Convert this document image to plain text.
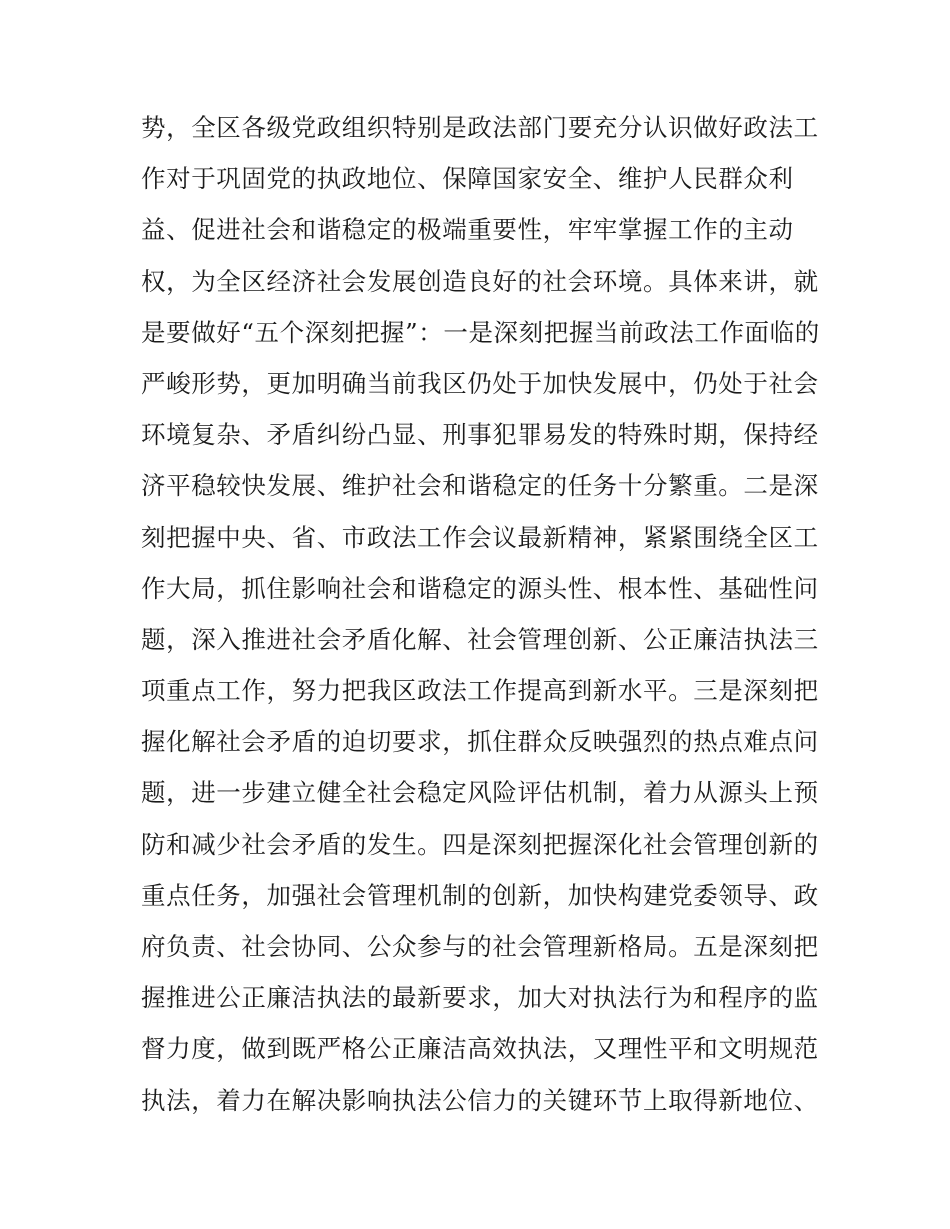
势，全区各级党政组织特别是政法部门要充分认识做好政法工
作对于巩固党的执政地位、保障国家安全、维护人民群众利
益、促进社会和谐稳定的极端重要性，牢牢掌握工作的主动
权，为全区经济社会发展创造良好的社会环境。具体来讲，就
是要做好“五个深刻把握”：一是深刻把握当前政法工作面临的
严峻形势，更加明确当前我区仍处于加快发展中，仍处于社会
环境复杂、矛盾纠纷凸显、刑事犯罪易发的特殊时期，保持经
济平稳较快发展、维护社会和谐稳定的任务十分繁重。二是深
刻把握中央、省、市政法工作会议最新精神，紧紧围绕全区工
作大局，抓住影响社会和谐稳定的源头性、根本性、基础性问
题，深入推进社会矛盾化解、社会管理创新、公正廉洁执法三
项重点工作，努力把我区政法工作提高到新水平。三是深刻把
握化解社会矛盾的迫切要求，抓住群众反映强烈的热点难点问
题，进一步建立健全社会稳定风险评估机制，着力从源头上预
防和减少社会矛盾的发生。四是深刻把握深化社会管理创新的
重点任务，加强社会管理机制的创新，加快构建党委领导、政
府负责、社会协同、公众参与的社会管理新格局。五是深刻把
握推进公正廉洁执法的最新要求，加大对执法行为和程序的监
督力度，做到既严格公正廉洁高效执法，又理性平和文明规范
执法，着力在解决影响执法公信力的关键环节上取得新地位、
